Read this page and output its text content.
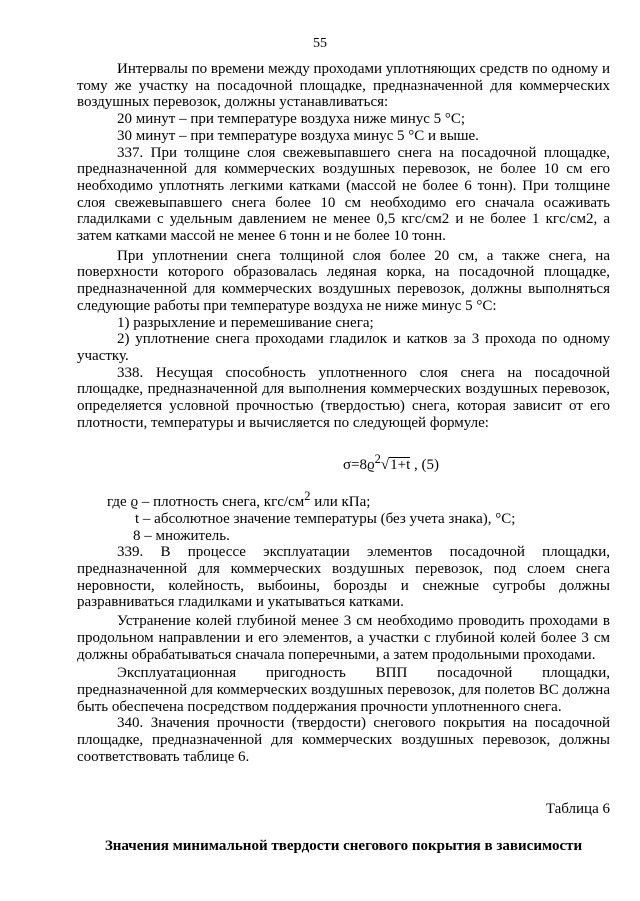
55

Интервалы по времени между проходами уплотняющих средств по одному и тому же участку на посадочной площадке, предназначенной для коммерческих воздушных перевозок, должны устанавливаться:

20 минут – при температуре воздуха ниже минус 5 °С;

30 минут – при температуре воздуха минус 5 °С и выше.

337. При толщине слоя свежевыпавшего снега на посадочной площадке, предназначенной для коммерческих воздушных перевозок, не более 10 см его необходимо уплотнять легкими катками (массой не более 6 тонн). При толщине слоя свежевыпавшего снега более 10 см необходимо его сначала осаживать гладилками с удельным давлением не менее 0,5 кгс/см2 и не более 1 кгс/см2, а затем катками массой не менее 6 тонн и не более 10 тонн.

При уплотнении снега толщиной слоя более 20 см, а также снега, на поверхности которого образовалась ледяная корка, на посадочной площадке, предназначенной для коммерческих воздушных перевозок, должны выполняться следующие работы при температуре воздуха не ниже минус 5 °С:

1) разрыхление и перемешивание снега;

2) уплотнение снега проходами гладилок и катков за 3 прохода по одному участку.

338. Несущая способность уплотненного слоя снега на посадочной площадке, предназначенной для выполнения коммерческих воздушных перевозок, определяется условной прочностью (твердостью) снега, которая зависит от его плотности, температуры и вычисляется по следующей формуле:

$\sigma=8ϱ^2√1+t$ , (5)

где ϱ – плотность снега, кгс/$см^2$ или кПа;

t – абсолютное значение температуры (без учета знака), °С;

8 – множитель.

339. В процессе эксплуатации элементов посадочной площадки, предназначенной для коммерческих воздушных перевозок, под слоем снега неровности, колейность, выбоины, борозды и снежные сугробы должны разравниваться гладилками и укатываться катками.

Устранение колей глубиной менее 3 см необходимо проводить проходами в продольном направлении и его элементов, а участки с глубиной колей более 3 см должны обрабатываться сначала поперечными, а затем продольными проходами.

Эксплуатационная пригодность ВПП посадочной площадки, предназначенной для коммерческих воздушных перевозок, для полетов ВС должна быть обеспечена посредством поддержания прочности уплотненного снега.

340. Значения прочности (твердости) снегового покрытия на посадочной площадке, предназначенной для коммерческих воздушных перевозок, должны соответствовать таблице 6.

Таблица 6
Значения минимальной твердости снегового покрытия в зависимости
